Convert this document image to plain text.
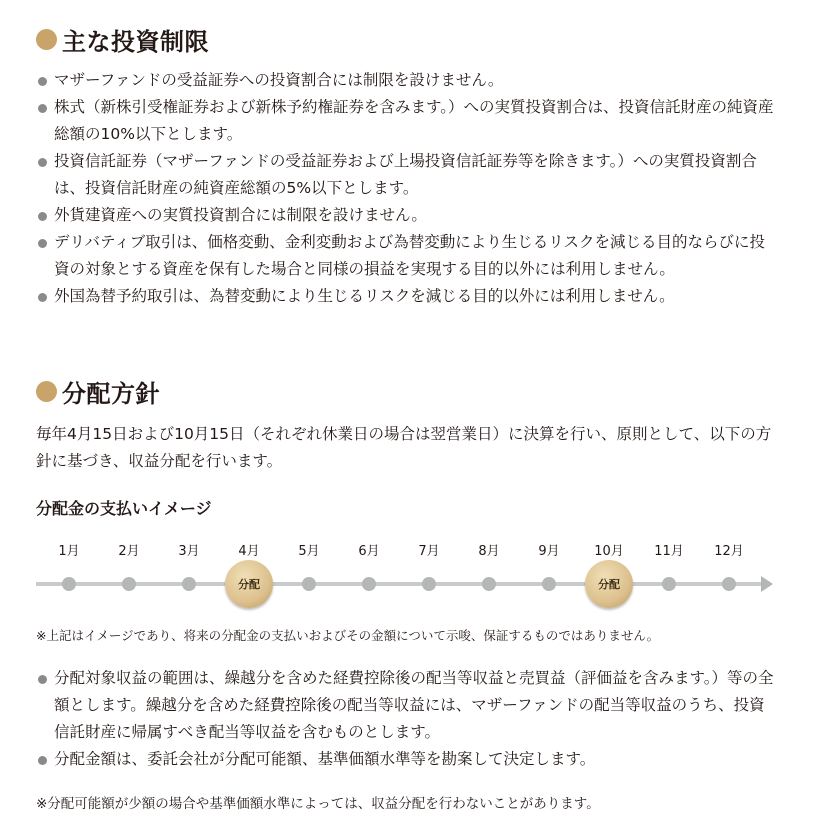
主な投資制限
マザーファンドの受益証券への投資割合には制限を設けません。
株式（新株引受権証券および新株予約権証券を含みます。）への実質投資割合は、投資信託財産の純資産総額の10%以下とします。
投資信託証券（マザーファンドの受益証券および上場投資信託証券等を除きます。）への実質投資割合は、投資信託財産の純資産総額の5%以下とします。
外貨建資産への実質投資割合には制限を設けません。
デリバティブ取引は、価格変動、金利変動および為替変動により生じるリスクを減じる目的ならびに投資の対象とする資産を保有した場合と同様の損益を実現する目的以外には利用しません。
外国為替予約取引は、為替変動により生じるリスクを減じる目的以外には利用しません。
分配方針

毎年4月15日および10月15日（それぞれ休業日の場合は翌営業日）に決算を行い、原則として、以下の方針に基づき、収益分配を行います。

分配金の支払いイメージ

1月	2月	3月	4月
分配
5月	6月	7月	8月	9月	10月
分配
11月	12月

※上記はイメージであり、将来の分配金の支払いおよびその金額について示唆、保証するものではありません。

分配対象収益の範囲は、繰越分を含めた経費控除後の配当等収益と売買益（評価益を含みます。）等の全額とします。繰越分を含めた経費控除後の配当等収益には、マザーファンドの配当等収益のうち、投資信託財産に帰属すべき配当等収益を含むものとします。
分配金額は、委託会社が分配可能額、基準価額水準等を勘案して決定します。

※分配可能額が少額の場合や基準価額水準によっては、収益分配を行わないことがあります。
